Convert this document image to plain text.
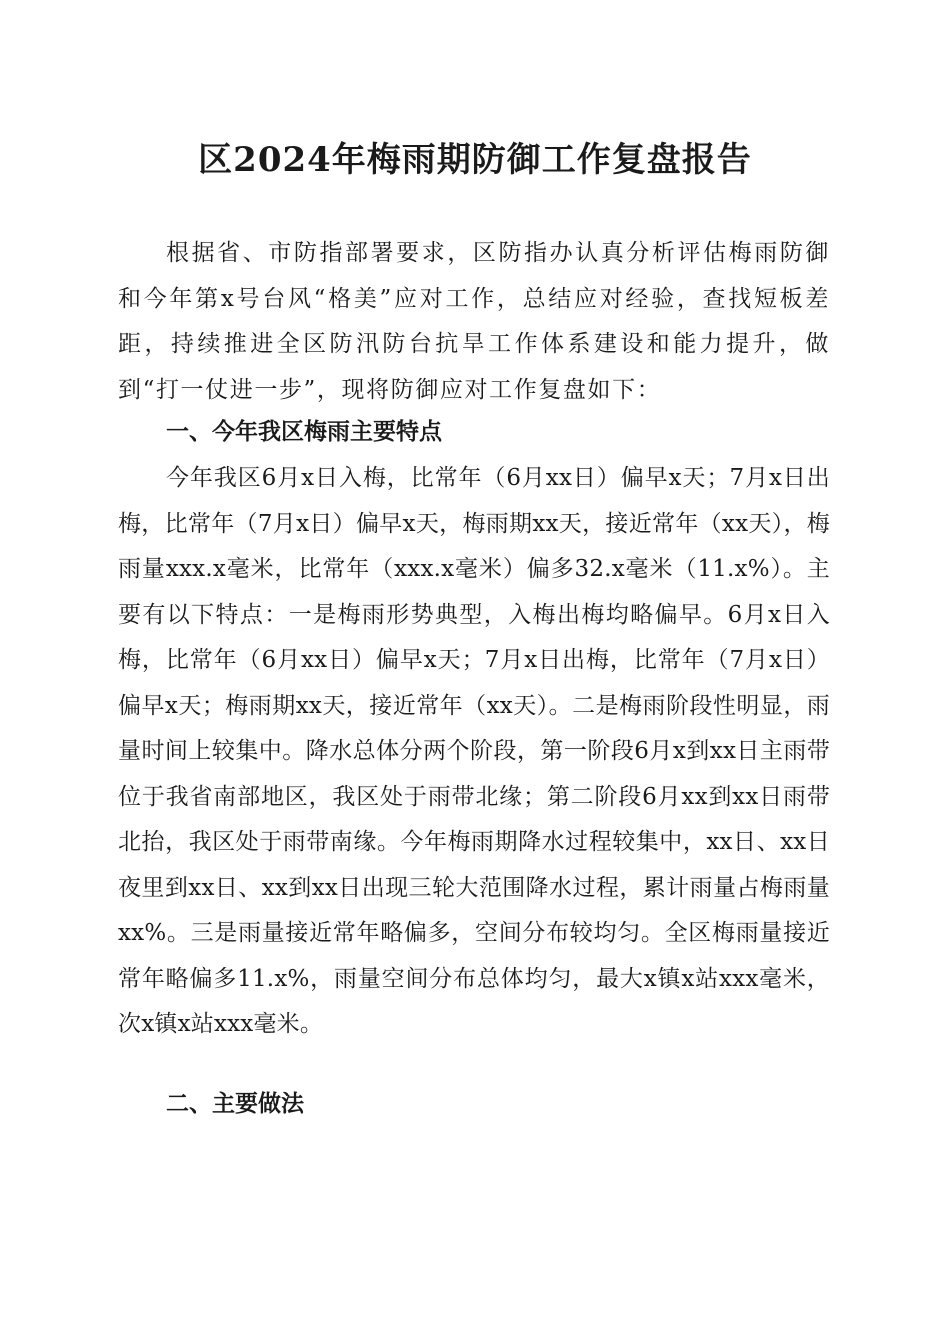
区2024年梅雨期防御工作复盘报告

根据省、市防指部署要求，区防指办认真分析评估梅雨防御和今年第x号台风“格美”应对工作，总结应对经验，查找短板差距，持续推进全区防汛防台抗旱工作体系建设和能力提升，做到“打一仗进一步”，现将防御应对工作复盘如下：

一、今年我区梅雨主要特点

今年我区6月x日入梅，比常年（6月xx日）偏早x天；7月x日出梅，比常年（7月x日）偏早x天，梅雨期xx天，接近常年（xx天），梅雨量xxx.x毫米，比常年（xxx.x毫米）偏多32.x毫米（11.x%）。主要有以下特点：一是梅雨形势典型，入梅出梅均略偏早。6月x日入梅，比常年（6月xx日）偏早x天；7月x日出梅，比常年（7月x日）偏早x天；梅雨期xx天，接近常年（xx天）。二是梅雨阶段性明显，雨量时间上较集中。降水总体分两个阶段，第一阶段6月x到xx日主雨带位于我省南部地区，我区处于雨带北缘；第二阶段6月xx到xx日雨带北抬，我区处于雨带南缘。今年梅雨期降水过程较集中，xx日、xx日夜里到xx日、xx到xx日出现三轮大范围降水过程，累计雨量占梅雨量xx%。三是雨量接近常年略偏多，空间分布较均匀。全区梅雨量接近常年略偏多11.x%，雨量空间分布总体均匀，最大x镇x站xxx毫米，次x镇x站xxx毫米。

二、主要做法
